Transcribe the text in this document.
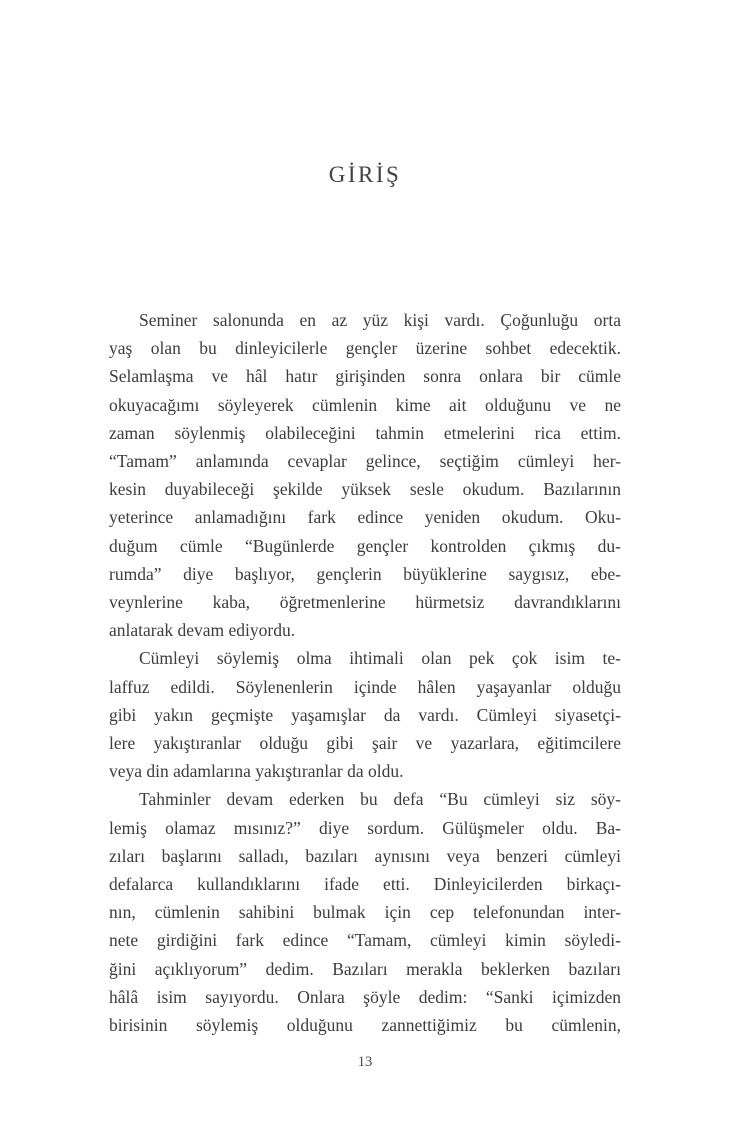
GİRİŞ

Seminer salonunda en az yüz kişi vardı. Çoğunluğu orta
yaş olan bu dinleyicilerle gençler üzerine sohbet edecektik.
Selamlaşma ve hâl hatır girişinden sonra onlara bir cümle
okuyacağımı söyleyerek cümlenin kime ait olduğunu ve ne
zaman söylenmiş olabileceğini tahmin etmelerini rica ettim.
“Tamam” anlamında cevaplar gelince, seçtiğim cümleyi her-
kesin duyabileceği şekilde yüksek sesle okudum. Bazılarının
yeterince anlamadığını fark edince yeniden okudum. Oku-
duğum cümle “Bugünlerde gençler kontrolden çıkmış du-
rumda” diye başlıyor, gençlerin büyüklerine saygısız, ebe-
veynlerine kaba, öğretmenlerine hürmetsiz davrandıklarını
anlatarak devam ediyordu.

Cümleyi söylemiş olma ihtimali olan pek çok isim te-
laffuz edildi. Söylenenlerin içinde hâlen yaşayanlar olduğu
gibi yakın geçmişte yaşamışlar da vardı. Cümleyi siyasetçi-
lere yakıştıranlar olduğu gibi şair ve yazarlara, eğitimcilere
veya din adamlarına yakıştıranlar da oldu.

Tahminler devam ederken bu defa “Bu cümleyi siz söy-
lemiş olamaz mısınız?” diye sordum. Gülüşmeler oldu. Ba-
zıları başlarını salladı, bazıları aynısını veya benzeri cümleyi
defalarca kullandıklarını ifade etti. Dinleyicilerden birkaçı-
nın, cümlenin sahibini bulmak için cep telefonundan inter-
nete girdiğini fark edince “Tamam, cümleyi kimin söyledi-
ğini açıklıyorum” dedim. Bazıları merakla beklerken bazıları
hâlâ isim sayıyordu. Onlara şöyle dedim: “Sanki içimizden
birisinin söylemiş olduğunu zannettiğimiz bu cümlenin,

13
